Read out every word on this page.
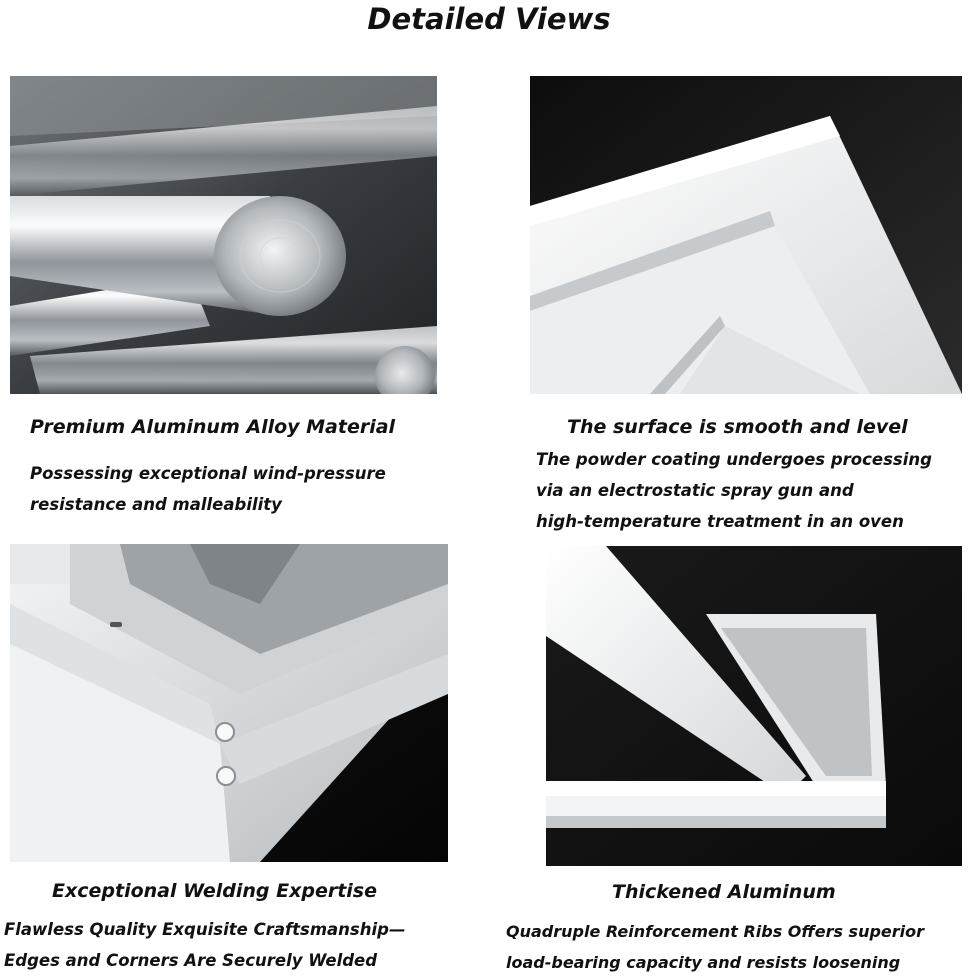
Detailed Views
Premium Aluminum Alloy Material
Possessing exceptional wind-pressure
resistance and malleability
The surface is smooth and level
The powder coating undergoes processing
via an electrostatic spray gun and
high-temperature treatment in an oven
Exceptional Welding Expertise
Flawless Quality Exquisite Craftsmanship—
Edges and Corners Are Securely Welded
Thickened Aluminum
Quadruple Reinforcement Ribs Offers superior
load-bearing capacity and resists loosening
